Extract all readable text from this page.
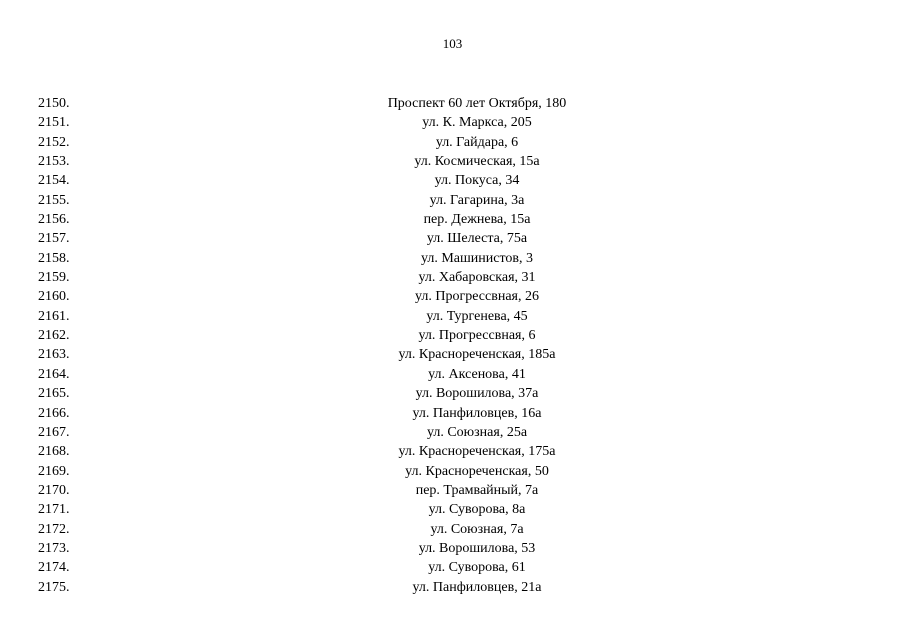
103
2150.	Проспект 60 лет Октября, 180
2151.	ул. К. Маркса, 205
2152.	ул. Гайдара, 6
2153.	ул. Космическая, 15а
2154.	ул. Покуса, 34
2155.	ул. Гагарина, 3а
2156.	пер. Дежнева, 15а
2157.	ул. Шелеста, 75а
2158.	ул. Машинистов, 3
2159.	ул. Хабаровская, 31
2160.	ул. Прогрессвная, 26
2161.	ул. Тургенева, 45
2162.	ул. Прогрессвная, 6
2163.	ул. Краснореченская, 185а
2164.	ул. Аксенова, 41
2165.	ул. Ворошилова, 37а
2166.	ул. Панфиловцев, 16а
2167.	ул. Союзная, 25а
2168.	ул. Краснореченская, 175а
2169.	ул. Краснореченская, 50
2170.	пер. Трамвайный, 7а
2171.	ул. Суворова, 8а
2172.	ул. Союзная, 7а
2173.	ул. Ворошилова, 53
2174.	ул. Суворова, 61
2175.	ул. Панфиловцев, 21а
